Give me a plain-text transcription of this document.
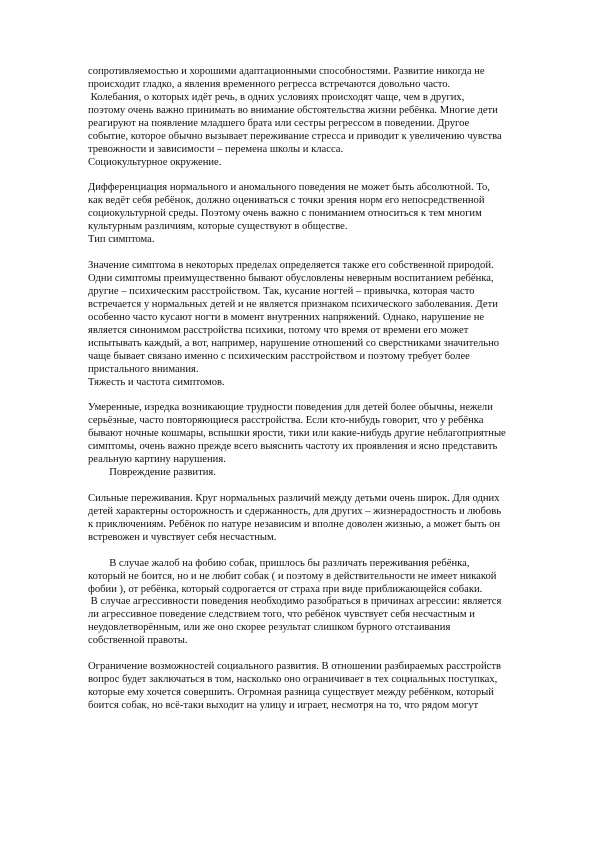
сопротивляемостью и хорошими адаптационными способностями. Развитие никогда не
происходит гладко, а явления временного регресса встречаются довольно часто.
Колебания, о которых идёт речь, в одних условиях происходят чаще, чем в других,
поэтому очень важно принимать во внимание обстоятельства жизни ребёнка. Многие дети
реагируют на появление младшего брата или сестры регрессом в поведении. Другое
событие, которое обычно вызывает переживание стресса и приводит к увеличению чувства
тревожности и зависимости – перемена школы и класса.
Социокультурное окружение.
Дифференциация нормального и аномального поведения не может быть абсолютной. То,
как ведёт себя ребёнок, должно оцениваться с точки зрения норм его непосредственной
социокультурной среды. Поэтому очень важно с пониманием относиться к тем многим
культурным различиям, которые существуют в обществе.
Тип симптома.
Значение симптома в некоторых пределах определяется также его собственной природой.
Одни симптомы преимущественно бывают обусловлены неверным воспитанием ребёнка,
другие – психическим расстройством. Так, кусание ногтей – привычка, которая часто
встречается у нормальных детей и не является признаком психического заболевания. Дети
особенно часто кусают ногти в момент внутренних напряжений. Однако, нарушение не
является синонимом расстройства психики, потому что время от времени его может
испытывать каждый, а вот, например, нарушение отношений со сверстниками значительно
чаще бывает связано именно с психическим расстройством и поэтому требует более
пристального внимания.
Тяжесть и частота симптомов.
Умеренные, изредка возникающие трудности поведения для детей более обычны, нежели
серьёзные, часто повторяющиеся расстройства. Если кто-нибудь говорит, что у ребёнка
бывают ночные кошмары, вспышки ярости, тики или какие-нибудь другие неблагоприятные
симптомы, очень важно прежде всего выяснить частоту их проявления и ясно представить
реальную картину нарушения.
Повреждение развития.
Сильные переживания. Круг нормальных различий между детьми очень широк. Для одних
детей характерны осторожность и сдержанность, для других – жизнерадостность и любовь
к приключениям. Ребёнок по натуре независим и вполне доволен жизнью, а может быть он
встревожен и чувствует себя несчастным.
В случае жалоб на фобию собак, пришлось бы различать переживания ребёнка,
который не боится, но и не любит собак ( и поэтому в действительности не имеет никакой
фобии ), от ребёнка, который содрогается от страха при виде приближающейся собаки.
В случае агрессивности поведения необходимо разобраться в причинах агрессии: является
ли агрессивное поведение следствием того, что ребёнок чувствует себя несчастным и
неудовлетворённым, или же оно скорее результат слишком бурного отстаивания
собственной правоты.
Ограничение возможностей социального развития. В отношении разбираемых расстройств
вопрос будет заключаться в том, насколько оно ограничивает в тех социальных поступках,
которые ему хочется совершить. Огромная разница существует между ребёнком, который
боится собак, но всё-таки выходит на улицу и играет, несмотря на то, что рядом могут
